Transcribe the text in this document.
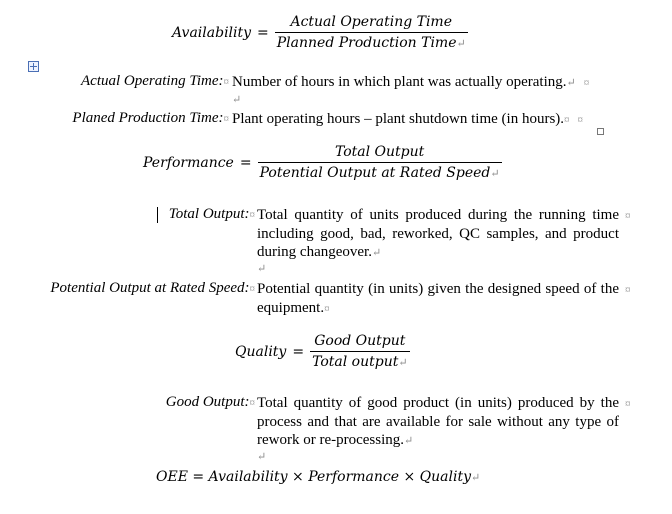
Availability = $\frac{\text{Actual Operating Time}}{\text{Planned Production Time↵}}$
Actual Operating Time:¤ Number of hours in which plant was actually operating.↵ ¤
↵
Planed Production Time:¤ Plant operating hours – plant shutdown time (in hours).¤ ¤
Performance = $\frac{\text{Total Output}}{\text{Potential Output at Rated Speed↵}}$
Total Output:¤ Total quantity of units produced during the running time including good, bad, reworked, QC samples, and product during changeover.↵
¤
↵
Potential Output at Rated Speed:¤ Potential quantity (in units) given the designed speed of the equipment.¤
¤
Quality = $\frac{\text{Good Output}}{\text{Total output↵}}$
Good Output:¤ Total quantity of good product (in units) produced by the process and that are available for sale without any type of rework or re-processing.↵
¤
↵
OEE = Availability × Performance × Quality↵
